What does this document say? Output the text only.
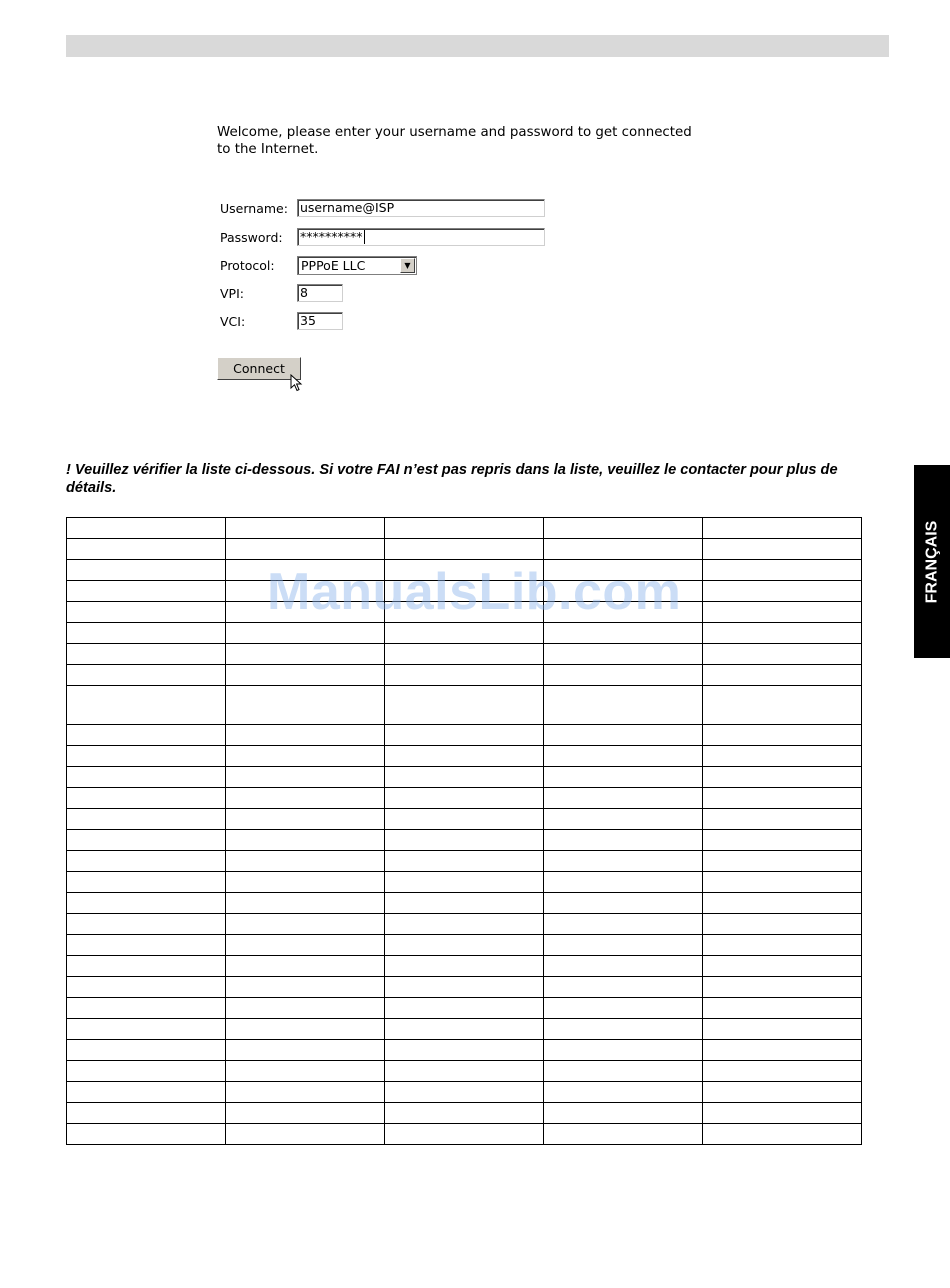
Welcome, please enter your username and password to get connected
to the Internet.

Username: username@ISP
Password:	**********
Protocol:	PPPoE LLC	▼
VPI:	8
VCI:	35
Connect

! Veuillez vérifier la liste ci-dessous. Si votre FAI n’est pas repris dans la liste, veuillez le contacter pour plus de détails.

ManualsLib.com	FRANÇAIS
